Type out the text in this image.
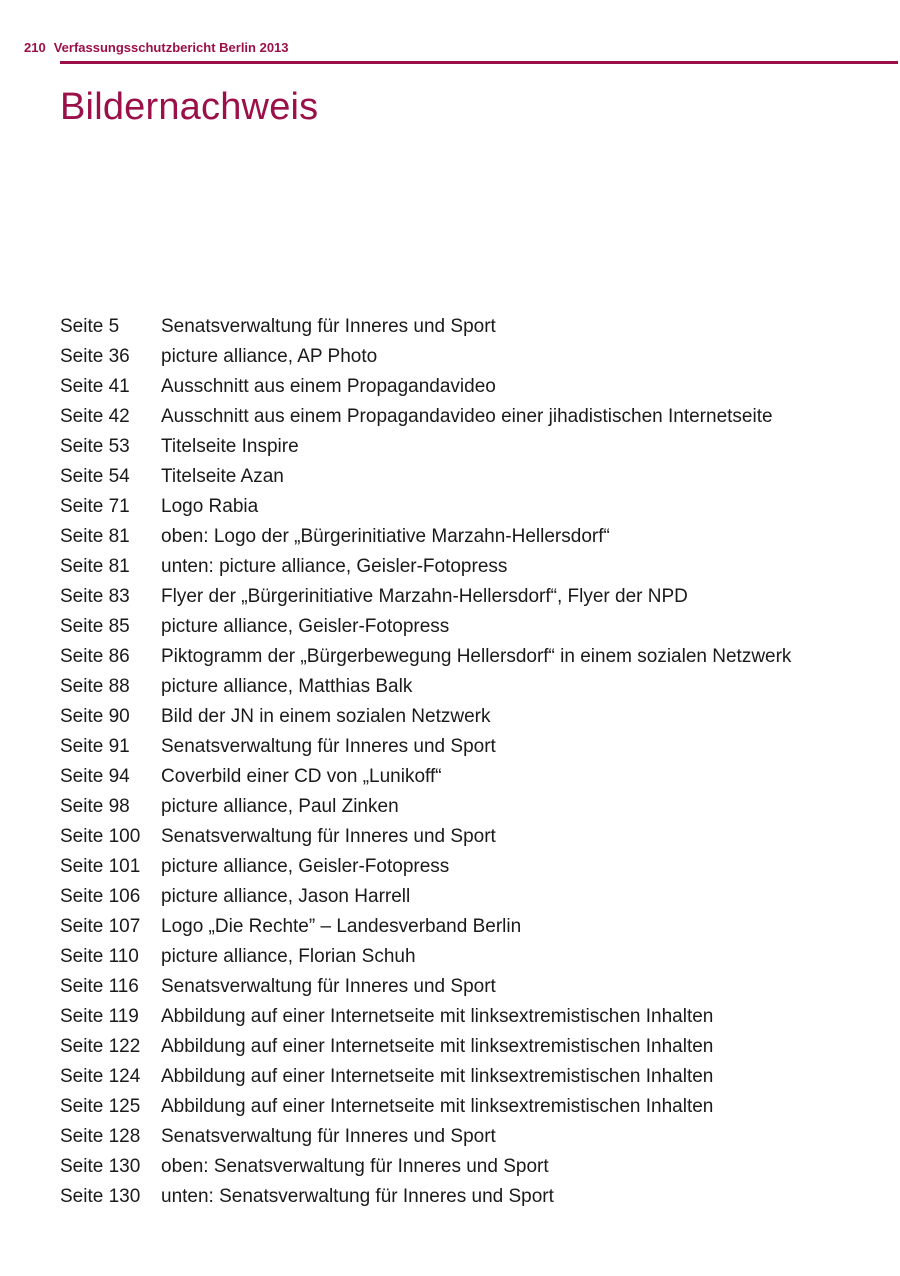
210 Verfassungsschutzbericht Berlin 2013
Bildernachweis
Seite 5	Senatsverwaltung für Inneres und Sport
Seite 36	picture alliance, AP Photo
Seite 41	Ausschnitt aus einem Propagandavideo
Seite 42	Ausschnitt aus einem Propagandavideo einer jihadistischen Internetseite
Seite 53	Titelseite Inspire
Seite 54	Titelseite Azan
Seite 71	Logo Rabia
Seite 81	oben: Logo der „Bürgerinitiative Marzahn-Hellersdorf“
Seite 81	unten: picture alliance, Geisler-Fotopress
Seite 83	Flyer der „Bürgerinitiative Marzahn-Hellersdorf“, Flyer der NPD
Seite 85	picture alliance, Geisler-Fotopress
Seite 86	Piktogramm der „Bürgerbewegung Hellersdorf“ in einem sozialen Netzwerk
Seite 88	picture alliance, Matthias Balk
Seite 90	Bild der JN in einem sozialen Netzwerk
Seite 91	Senatsverwaltung für Inneres und Sport
Seite 94	Coverbild einer CD von „Lunikoff“
Seite 98	picture alliance, Paul Zinken
Seite 100	Senatsverwaltung für Inneres und Sport
Seite 101	picture alliance, Geisler-Fotopress
Seite 106	picture alliance, Jason Harrell
Seite 107	Logo „Die Rechte” – Landesverband Berlin
Seite 110	picture alliance, Florian Schuh
Seite 116	Senatsverwaltung für Inneres und Sport
Seite 119	Abbildung auf einer Internetseite mit linksextremistischen Inhalten
Seite 122	Abbildung auf einer Internetseite mit linksextremistischen Inhalten
Seite 124	Abbildung auf einer Internetseite mit linksextremistischen Inhalten
Seite 125	Abbildung auf einer Internetseite mit linksextremistischen Inhalten
Seite 128	Senatsverwaltung für Inneres und Sport
Seite 130	oben: Senatsverwaltung für Inneres und Sport
Seite 130	unten: Senatsverwaltung für Inneres und Sport
